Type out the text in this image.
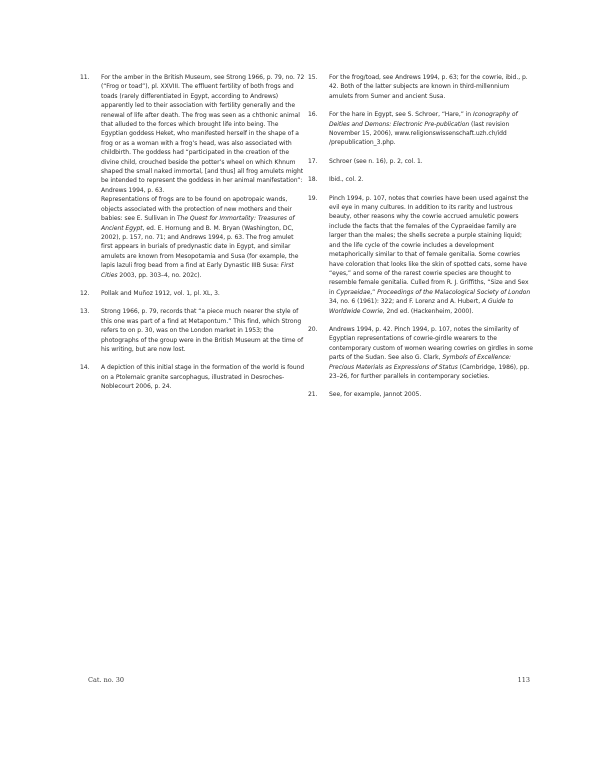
11. For the amber in the British Museum, see Strong 1966, p. 79, no. 72 (“Frog or toad”), pl. XXVIII. The effluent fertility of both frogs and toads (rarely differentiated in Egypt, according to Andrews) apparently led to their association with fertility generally and the renewal of life after death. The frog was seen as a chthonic animal that alluded to the forces which brought life into being. The Egyptian goddess Heket, who manifested herself in the shape of a frog or as a woman with a frog’s head, was also associated with childbirth. The goddess had “participated in the creation of the divine child, crouched beside the potter’s wheel on which Khnum shaped the small naked immortal, [and thus] all frog amulets might be intended to represent the goddess in her animal manifestation”: Andrews 1994, p. 63.

Representations of frogs are to be found on apotropaic wands, objects associated with the protection of new mothers and their babies: see E. Sullivan in The Quest for Immortality: Treasures of Ancient Egypt, ed. E. Hornung and B. M. Bryan (Washington, DC, 2002), p. 157, no. 71; and Andrews 1994, p. 63. The frog amulet first appears in burials of predynastic date in Egypt, and similar amulets are known from Mesopotamia and Susa (for example, the lapis lazuli frog bead from a find at Early Dynastic IIIB Susa: First Cities 2003, pp. 303–4, no. 202c).

12. Pollak and Muñoz 1912, vol. 1, pl. XL, 3.

13. Strong 1966, p. 79, records that “a piece much nearer the style of this one was part of a find at Metapontum.” This find, which Strong refers to on p. 30, was on the London market in 1953; the photographs of the group were in the British Museum at the time of his writing, but are now lost.

14. A depiction of this initial stage in the formation of the world is found on a Ptolemaic granite sarcophagus, illustrated in Desroches-Noblecourt 2006, p. 24.

15. For the frog/toad, see Andrews 1994, p. 63; for the cowrie, ibid., p. 42. Both of the latter subjects are known in third-millennium amulets from Sumer and ancient Susa.

16. For the hare in Egypt, see S. Schroer, “Hare,” in Iconography of Deities and Demons: Electronic Pre-publication (last revision November 15, 2006), www.religionswissenschaft.uzh.ch/idd /prepublication_3.php.

17. Schroer (see n. 16), p. 2, col. 1.

18. Ibid., col. 2.

19. Pinch 1994, p. 107, notes that cowries have been used against the evil eye in many cultures. In addition to its rarity and lustrous beauty, other reasons why the cowrie accrued amuletic powers include the facts that the females of the Cypraeidae family are larger than the males; the shells secrete a purple staining liquid; and the life cycle of the cowrie includes a development metaphorically similar to that of female genitalia. Some cowries have coloration that looks like the skin of spotted cats, some have “eyes,” and some of the rarest cowrie species are thought to resemble female genitalia. Culled from R. J. Griffiths, “Size and Sex in Cypraeidae,” Proceedings of the Malacological Society of London 34, no. 6 (1961): 322; and F. Lorenz and A. Hubert, A Guide to Worldwide Cowrie, 2nd ed. (Hackenheim, 2000).

20. Andrews 1994, p. 42. Pinch 1994, p. 107, notes the similarity of Egyptian representations of cowrie-girdle wearers to the contemporary custom of women wearing cowries on girdles in some parts of the Sudan. See also G. Clark, Symbols of Excellence: Precious Materials as Expressions of Status (Cambridge, 1986), pp. 23–26, for further parallels in contemporary societies.

21. See, for example, Jannot 2005.

Cat. no. 30	113
